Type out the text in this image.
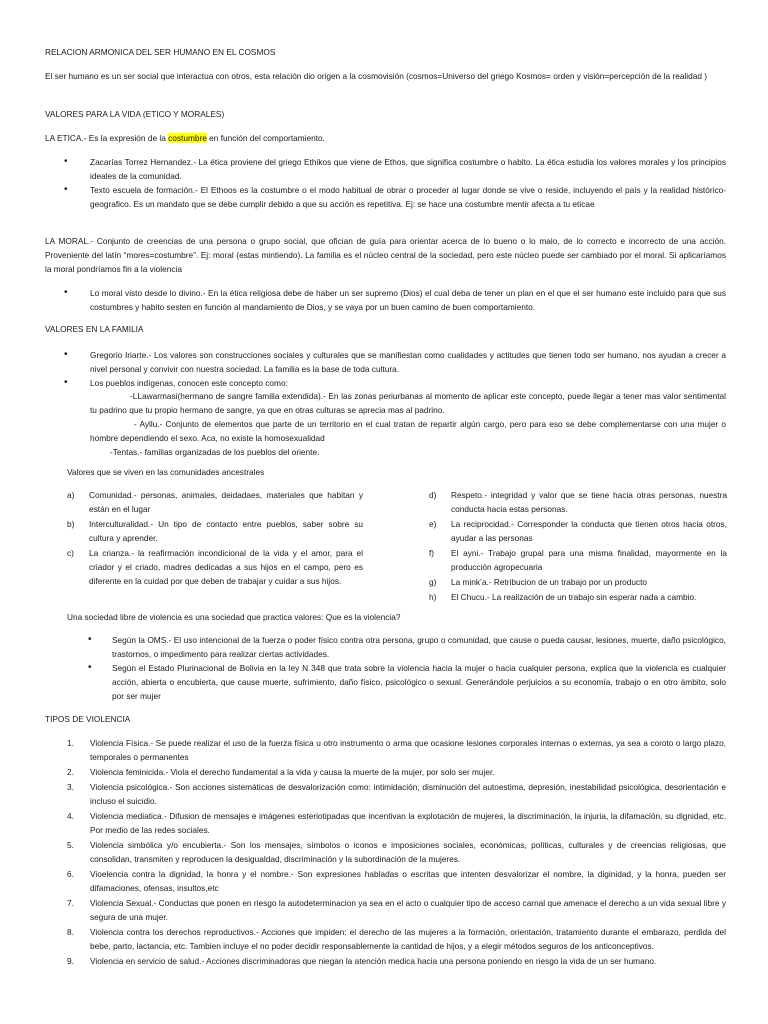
RELACION ARMONICA DEL SER HUMANO EN EL COSMOS

El ser humano es un ser social que interactua con otros, esta relación dio origen a la cosmovisión (cosmos=Universo del griego Kosmos= orden y visión=percepción de la realidad )

VALORES PARA LA VIDA (ETICO Y MORALES)

LA ETICA.- Es la expresión de la costumbre en función del comportamiento.

•	Zacarías Torrez Hernandez.- La ética proviene del griego Ethikos que viene de Ethos, que significa costumbre o habito. La ética estudia los valores morales y los principios ideales de la comunidad.

•	Texto escuela de formación.- El Ethoos es la costumbre o el modo habitual de obrar o proceder al lugar donde se vive o reside, incluyendo el país y la realidad histórico-geografico. Es un mandato que se debe cumplir debido a que su acción es repetitiva. Ej: se hace una costumbre mentir afecta a tu eticae

LA MORAL.- Conjunto de creencias de una persona o grupo social, que ofician de guía para orientar acerca de lo bueno o lo malo, de lo correcto e incorrecto de una acción. Proveniente del latín “mores=costumbre”. Ej: moral (estas mintiendo). La familia es el núcleo central de la sociedad, pero este núcleo puede ser cambiado por el moral. Si aplicaríamos la moral pondríamos fin a la violencia

•	Lo moral visto desde lo divino.- En la ética religiosa debe de haber un ser supremo (Dios) el cual deba de tener un plan en el que el ser humano este incluido para que sus costumbres y habito sesten en función al mandamiento de Dios, y se vaya por un buen camino de buen comportamiento.

VALORES EN LA FAMILIA

•	Gregorio Iriarte.- Los valores son construcciones sociales y culturales que se manifiestan como cualidades y actitudes que tienen todo ser humano, nos ayudan a crecer a nivel personal y convivir con nuestra sociedad. La familia es la base de toda cultura.

•	Los pueblos indígenas, conocen este concepto como:

-LLawarmasi(hermano de sangre familia extendida).- En las zonas periurbanas al momento de aplicar este concepto, puede llegar a tener mas valor sentimental tu padrino que tu propio hermano de sangre, ya que en otras culturas se aprecia mas al padrino.

- Ayllu.- Conjunto de elementos que parte de un territorio en el cual tratan de repartir algún cargo, pero para eso se debe complementarse con una mujer o hombre dependiendo el sexo. Aca, no existe la homosexualidad

-Tentas.- familias organizadas de los pueblos del oriente.

Valores que se viven en las comunidades ancestrales

a) Comunidad.- personas, animales, deidadaes, materiales que habitan y están en el lugar
b) Interculturalidad.- Un tipo de contacto entre pueblos, saber sobre su cultura y aprender.
c) La crianza.- la reafirmación incondicional de la vida y el amor, para el criador y el criado, madres dedicadas a sus hijos en el campo, pero es diferente en la cuidad por que deben de trabajar y cuidar a sus hijos.
d) Respeto.- integridad y valor que se tiene hacia otras personas, nuestra conducta hacia estas personas.
e) La reciprocidad.- Corresponder la conducta que tienen otros hacia otros, ayudar a las personas
f) El ayni.- Trabajo grupal para una misma finalidad, mayormente en la producción agropecuaria
g) La mink’a.- Retribucion de un trabajo por un producto
h) El Chucu.- La realización de un trabajo sin esperar nada a cambio.

Una sociedad libre de violencia es una sociedad que practica valores: Que es la violencia?

• Según la OMS.- El uso intencional de la fuerza o poder físico contra otra persona, grupo o comunidad, que cause o pueda causar, lesiones, muerte, daño psicológico, trastornos, o impedimento para realizar ciertas actividades.

• Según el Estado Plurinacional de Bolivia en la ley N 348 que trata sobre la violencia hacia la mujer o hacia cualquier persona, explica que la violencia es cualquier acción, abierta o encubierta, que cause muerte, sufrimiento, daño físico, psicológico o sexual. Generándole perjuicios a su economía, trabajo o en otro ámbito, solo por ser mujer

TIPOS DE VIOLENCIA

1. Violencia Física.- Se puede realizar el uso de la fuerza física u otro instrumento o arma que ocasione lesiones corporales internas o externas, ya sea a coroto o largo plazo, temporales o permanentes
2. Violencia feminicida.- Viola el derecho fundamental a la vida y causa la muerte de la mujer, por solo ser mujer.
3. Violencia psicológica.- Son acciones sistemáticas de desvalorización como: intimidación, disminución del autoestima, depresión, inestabilidad psicológica, desorientación e incluso el suicidio.
4. Violencia mediatica.- Difusion de mensajes e imágenes esteriotipadas que incentivan la explotación de mujeres, la discriminación, la injuria, la difamación, su dignidad, etc. Por medio de las redes sociales.
5. Violencia simbólica y/o encubierta.- Son los mensajes, símbolos o iconos e imposiciones sociales, económicas, políticas, culturales y de creencias religiosas, que consolidan, transmiten y reproducen la desigualdad, discriminación y la subordinación de la mujeres.
6. Vioelencia contra la dignidad, la honra y el nombre.- Son expresiones habladas o escritas que intenten desvalorizar el nombre, la diginidad, y la honra, pueden ser difamaciones, ofensas, insultos,etc
7. Violencia Sexual.- Conductas que ponen en riesgo la autodeterminacion ya sea en el acto o cualquier tipo de acceso carnal que amenace el derecho a un vida sexual libre y segura de una mujer.
8. Violencia contra los derechos reproductivos.- Acciones que impiden: el derecho de las mujeres a la formación, orientación, tratamiento durante el embarazo, perdida del bebe, parto, lactancia, etc. Tambien incluye el no poder decidir responsablemente la cantidad de hijos, y a elegir métodos seguros de los anticonceptivos.
9. Violencia en servicio de salud.- Acciones discriminadoras que niegan la atención medica hacia una persona poniendo en riesgo la vida de un ser humano.
